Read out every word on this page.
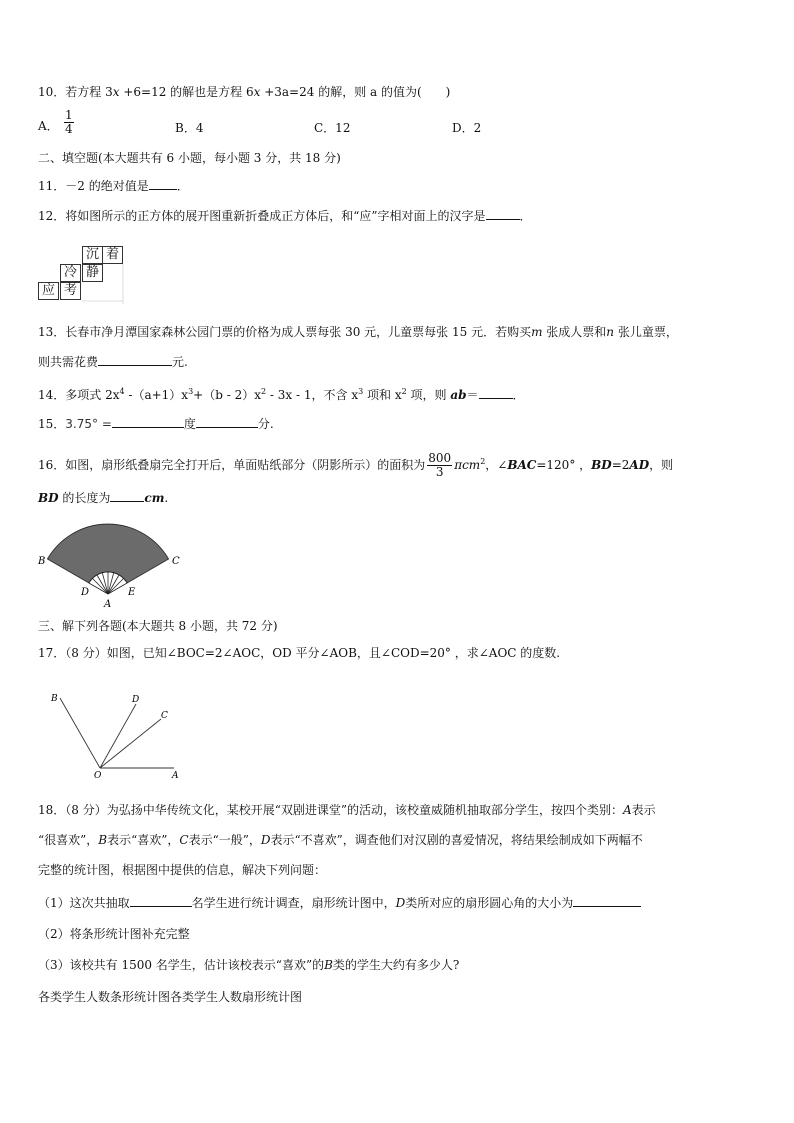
10．若方程 3x +6=12 的解也是方程 6x +3a=24 的解，则 a 的值为(　　)
A． $\frac{1}{4}$	B．4	C．12	D．2
二、填空题(本大题共有 6 小题，每小题 3 分，共 18 分)
11．－2 的绝对值是 ．
12．将如图所示的正方体的展开图重新折叠成正方体后，和“应”字相对面上的汉字是	．
沉 着
冷 静
应 考
13．长春市净月潭国家森林公园门票的价格为成人票每张 30 元，儿童票每张 15 元．若购买m 张成人票和n 张儿童票，
则共需花费	元.
14．多项式 $2x^4$ $-(a+1)x^3+(b - 2)x^2 - 3x - 1$，不含 $x^3$ 项和 $x^2$ 项，则 ab＝	．
15．3.75° =	度	分.
16．如图，扇形纸叠扇完全打开后，单面贴纸部分（阴影所示）的面积为 $\frac{800}{3} \pi cm^2$，∠BAC=120° ，BD=2AD，则
BD 的长度为	cm.
B	C
D	E
A
三、解下列各题(本大题共 8 小题，共 72 分)
17．（8 分）如图，已知∠BOC=2∠AOC，OD 平分∠AOB，且∠COD=20° ，求∠AOC 的度数.
B	D
C
O	A
18．（8 分）为弘扬中华传统文化，某校开展“双剧进课堂”的活动，该校童威随机抽取部分学生，按四个类别：A表示
“很喜欢”，B表示“喜欢”，C表示“一般”，D表示“不喜欢”，调查他们对汉剧的喜爱情况，将结果绘制成如下两幅不
完整的统计图，根据图中提供的信息，解决下列问题：
（1）这次共抽取	名学生进行统计调查，扇形统计图中，D类所对应的扇形圆心角的大小为
（2）将条形统计图补充完整
（3）该校共有 1500 名学生，估计该校表示“喜欢”的B类的学生大约有多少人?
各类学生人数条形统计图各类学生人数扇形统计图
